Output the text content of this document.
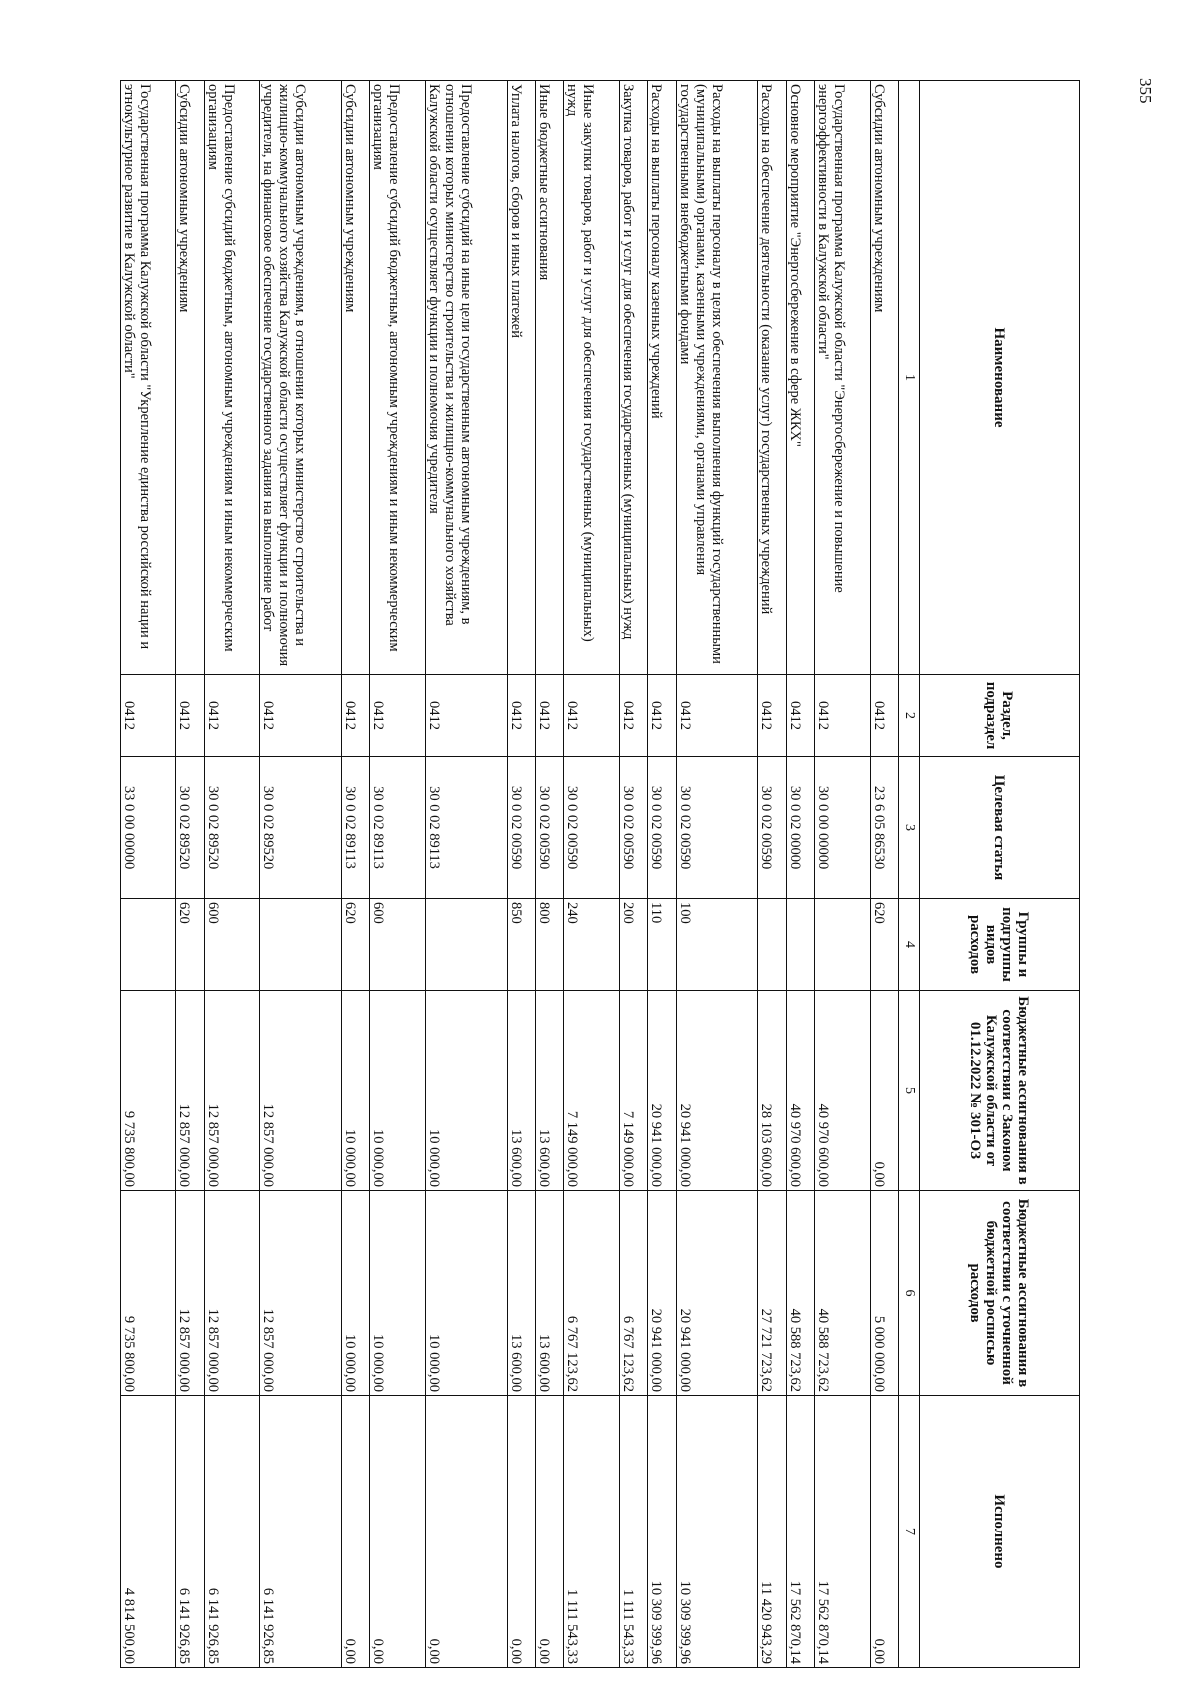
355
Наименование	Раздел, подраздел	Целевая статья	Группы и подгруппы видов расходов	Бюджетные ассигнования в соответствии с Законом Калужской области от 01.12.2022 № 301-ОЗ	Бюджетные ассигнования в соответствии с уточненной бюджетной росписью расходов	Исполнено
1	2	3	4	5	6	7
Субсидии автономным учреждениям	0412	23 6 05 86530	620	0,00	5 000 000,00	0,00
Государственная программа Калужской области "Энергосбережение и повышение энергоэффективности в Калужской области"	0412	30 0 00 00000		40 970 600,00	40 588 723,62	17 562 870,14
Основное мероприятие "Энергосбережение в сфере ЖКХ"	0412	30 0 02 00000		40 970 600,00	40 588 723,62	17 562 870,14
Расходы на обеспечение деятельности (оказание услуг) государственных учреждений	0412	30 0 02 00590		28 103 600,00	27 721 723,62	11 420 943,29
Расходы на выплаты персоналу в целях обеспечения выполнения функций государственными (муниципальными) органами, казенными учреждениями, органами управления государственными внебюджетными фондами	0412	30 0 02 00590	100	20 941 000,00	20 941 000,00	10 309 399,96
Расходы на выплаты персоналу казенных учреждений	0412	30 0 02 00590	110	20 941 000,00	20 941 000,00	10 309 399,96
Закупка товаров, работ и услуг для обеспечения государственных (муниципальных) нужд	0412	30 0 02 00590	200	7 149 000,00	6 767 123,62	1 111 543,33
Иные закупки товаров, работ и услуг для обеспечения государственных (муниципальных) нужд	0412	30 0 02 00590	240	7 149 000,00	6 767 123,62	1 111 543,33
Иные бюджетные ассигнования	0412	30 0 02 00590	800	13 600,00	13 600,00	0,00
Уплата налогов, сборов и иных платежей	0412	30 0 02 00590	850	13 600,00	13 600,00	0,00
Предоставление субсидий на иные цели государственным автономным учреждениям, в отношении которых министерство строительства и жилищно-коммунального хозяйства Калужской области осуществляет функции и полномочия учредителя	0412	30 0 02 89113		10 000,00	10 000,00	0,00
Предоставление субсидий бюджетным, автономным учреждениям и иным некоммерческим организациям	0412	30 0 02 89113	600	10 000,00	10 000,00	0,00
Субсидии автономным учреждениям	0412	30 0 02 89113	620	10 000,00	10 000,00	0,00
Субсидии автономным учреждениям, в отношении которых министерство строительства и жилищно-коммунального хозяйства Калужской области осуществляет функции и полномочия учредителя, на финансовое обеспечение государственного задания на выполнение работ	0412	30 0 02 89520		12 857 000,00	12 857 000,00	6 141 926,85
Предоставление субсидий бюджетным, автономным учреждениям и иным некоммерческим организациям	0412	30 0 02 89520	600	12 857 000,00	12 857 000,00	6 141 926,85
Субсидии автономным учреждениям	0412	30 0 02 89520	620	12 857 000,00	12 857 000,00	6 141 926,85
Государственная программа Калужской области "Укрепление единства российской нации и этнокультурное развитие в Калужской области"	0412	33 0 00 00000		9 735 800,00	9 735 800,00	4 814 500,00
